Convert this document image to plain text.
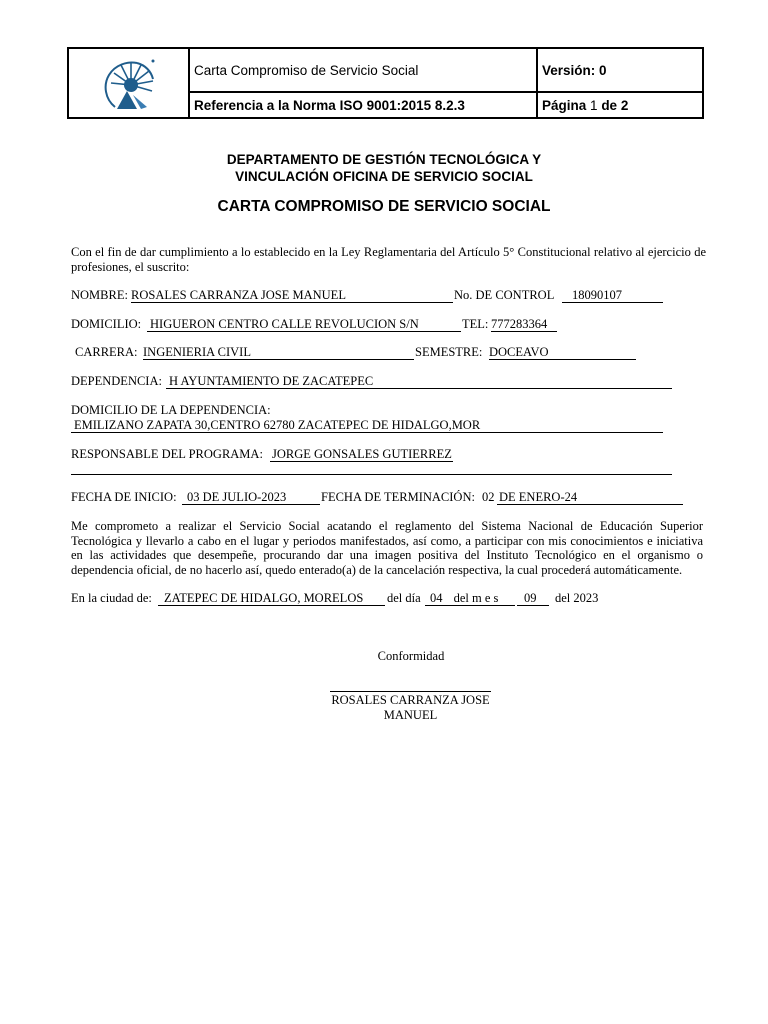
Carta Compromiso de Servicio Social	Versión: 0
Referencia a la Norma ISO 9001:2015 8.2.3	Página 1 de 2
DEPARTAMENTO DE GESTIÓN TECNOLÓGICA Y
VINCULACIÓN OFICINA DE SERVICIO SOCIAL
CARTA COMPROMISO DE SERVICIO SOCIAL
Con el fin de dar cumplimiento a lo establecido en la Ley Reglamentaria del Artículo 5° Constitucional relativo al ejercicio de profesiones, el suscrito:
NOMBRE: ROSALES CARRANZA JOSE MANUEL	No. DE CONTROL	18090107
DOMICILIO: HIGUERON CENTRO CALLE REVOLUCION S/N	TEL: 777283364
CARRERA: INGENIERIA CIVIL	SEMESTRE: DOCEAVO
DEPENDENCIA: H AYUNTAMIENTO DE ZACATEPEC
DOMICILIO DE LA DEPENDENCIA:
EMILIZANO ZAPATA 30,CENTRO 62780 ZACATEPEC DE HIDALGO,MOR
RESPONSABLE DEL PROGRAMA: JORGE GONSALES GUTIERREZ
FECHA DE INICIO: 03 DE JULIO-2023	FECHA DE TERMINACIÓN: 02 DE ENERO-24
Me comprometo a realizar el Servicio Social acatando el reglamento del Sistema Nacional de Educación Superior Tecnológica y llevarlo a cabo en el lugar y periodos manifestados, así como, a participar con mis conocimientos e iniciativa en las actividades que desempeñe, procurando dar una imagen positiva del Instituto Tecnológico en el organismo o dependencia oficial, de no hacerlo así, quedo enterado(a) de la cancelación respectiva, la cual procederá automáticamente.
En la ciudad de: ZATEPEC DE HIDALGO, MORELOS	del día 04 del m e s	09	del 2023
Conformidad
ROSALES CARRANZA JOSE
MANUEL
